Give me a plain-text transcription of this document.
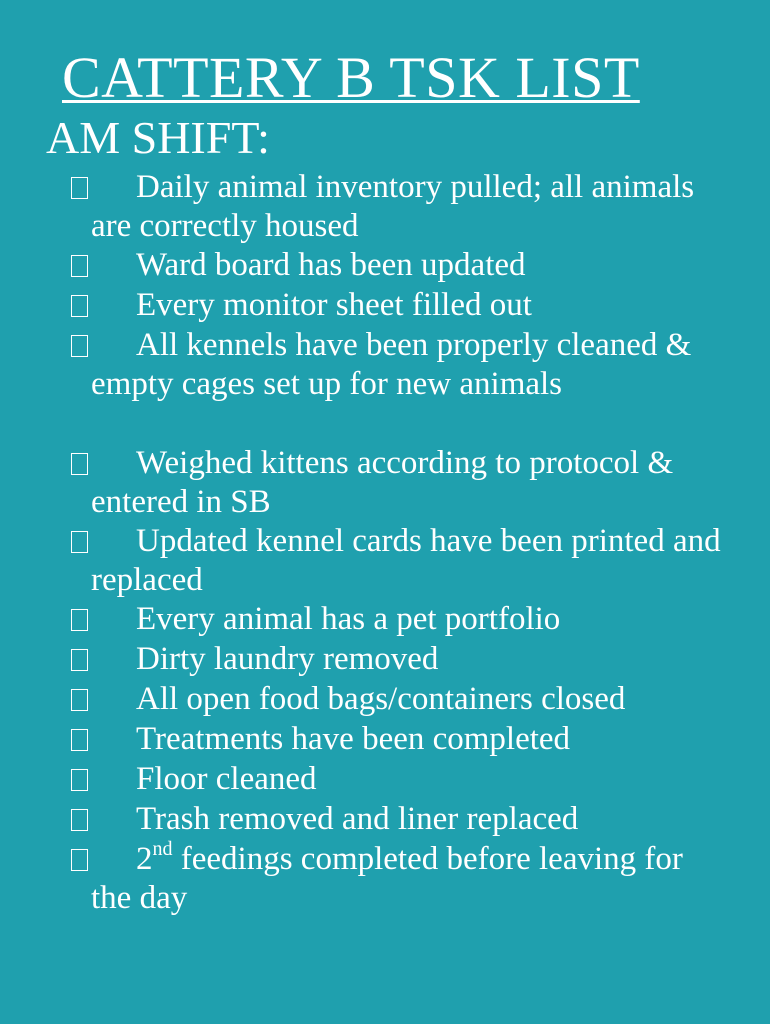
CATTERY B TSK LIST
AM SHIFT:
Daily animal inventory pulled; all animals are correctly housed
Ward board has been updated
Every monitor sheet filled out
All kennels have been properly cleaned & empty cages set up for new animals
Weighed kittens according to protocol & entered in SB
Updated kennel cards have been printed and replaced
Every animal has a pet portfolio
Dirty laundry removed
All open food bags/containers closed
Treatments have been completed
Floor cleaned
Trash removed and liner replaced
2nd feedings completed before leaving for the day
